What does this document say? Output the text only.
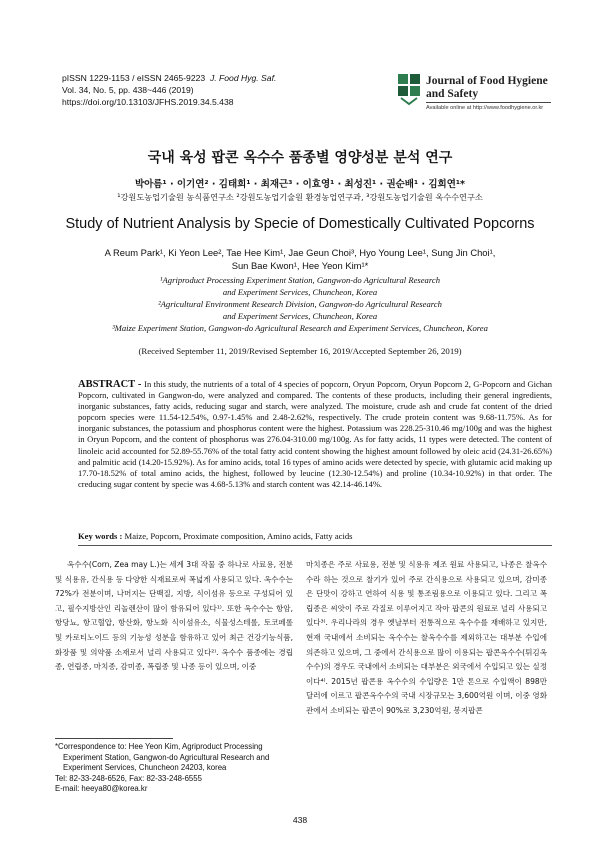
pISSN 1229-1153 / eISSN 2465-9223 J. Food Hyg. Saf.
Vol. 34, No. 5, pp. 438~446 (2019)
https://doi.org/10.13103/JFHS.2019.34.5.438
Journal of Food Hygiene
and Safety
Available online at http://www.foodhygiene.or.kr
국내 육성 팝콘 옥수수 품종별 영양성분 분석 연구
박아름¹ · 이기연² · 김태희¹ · 최재근³ · 이효영¹ · 최성진¹ · 권순배¹ · 김희연¹*
¹강원도농업기술원 농식품연구소 ²강원도농업기술원 환경농업연구과, ³강원도농업기술원 옥수수연구소
Study of Nutrient Analysis by Specie of Domestically Cultivated Popcorns
A Reum Park¹, Ki Yeon Lee², Tae Hee Kim¹, Jae Geun Choi³, Hyo Young Lee¹, Sung Jin Choi¹,
Sun Bae Kwon¹, Hee Yeon Kim¹*
¹Agriproduct Processing Experiment Station, Gangwon-do Agricultural Research
and Experiment Services, Chuncheon, Korea
²Agricultural Environment Research Division, Gangwon-do Agricultural Research
and Experiment Services, Chuncheon, Korea
³Maize Experiment Station, Gangwon-do Agricultural Research and Experiment Services, Chuncheon, Korea
(Received September 11, 2019/Revised September 16, 2019/Accepted September 26, 2019)
ABSTRACT - In this study, the nutrients of a total of 4 species of popcorn, Oryun Popcorn, Oryun Popcorn 2, G-Popcorn and Gichan Popcorn, cultivated in Gangwon-do, were analyzed and compared. The contents of these products, including their general ingredients, inorganic substances, fatty acids, reducing sugar and starch, were analyzed. The moisture, crude ash and crude fat content of the dried popcorn species were 11.54-12.54%, 0.97-1.45% and 2.48-2.62%, respectively. The crude protein content was 9.68-11.75%. As for inorganic substances, the potassium and phosphorus content were the highest. Potassium was 228.25-310.46 mg/100g and was the highest in Oryun Popcorn, and the content of phosphorus was 276.04-310.00 mg/100g. As for fatty acids, 11 types were detected. The content of linoleic acid accounted for 52.89-55.76% of the total fatty acid content showing the highest amount followed by oleic acid (24.31-26.65%) and palmitic acid (14.20-15.92%). As for amino acids, total 16 types of amino acids were detected by specie, with glutamic acid making up 17.70-18.52% of total amino acids, the highest, followed by leucine (12.30-12.54%) and proline (10.34-10.92%) in that order. The creducing sugar content by specie was 4.68-5.13% and starch content was 42.14-46.14%.
Key words : Maize, Popcorn, Proximate composition, Amino acids, Fatty acids
옥수수(Corn, Zea may L.)는 세계 3대 작물 중 하나로 사료용, 전분 및 식용유, 간식용 등 다양한 식재료로써 폭넓게 사용되고 있다. 옥수수는 72%가 전분이며, 나머지는 단백질, 지방, 식이섬유 등으로 구성되어 있고, 필수지방산인 리놀렌산이 많이 함유되어 있다¹⁾. 또한 옥수수는 항암, 항당뇨, 항고혈압, 항산화, 항노화 식이섬유소, 식물성스테롤, 토코페롤 및 카로티노이드 등의 기능성 성분을 함유하고 있어 최근 건강기능식품, 화장품 및 의약품 소재로서 널리 사용되고 있다²⁾. 옥수수 품종에는 경립종, 연립종, 마치종, 감미종, 폭립종 및 나종 등이 있으며, 이중
마치종은 주로 사료용, 전분 및 식용유 제조 원료 사용되고, 나종은 찰옥수수라 하는 것으로 찰기가 있어 주로 간식용으로 사용되고 있으며, 감미종은 단맛이 강하고 연하여 식용 및 통조림용으로 이용되고 있다. 그리고 폭립종은 씨앗이 주로 각질로 이루어지고 작아 팝콘의 원료로 널리 사용되고 있다³⁾. 우리나라의 경우 옛날부터 전통적으로 옥수수를 재배하고 있지만, 현재 국내에서 소비되는 옥수수는 찰옥수수를 제외하고는 대부분 수입에 의존하고 있으며, 그 중에서 간식용으로 많이 이용되는 팝콘옥수수(튀김옥수수)의 경우도 국내에서 소비되는 대부분은 외국에서 수입되고 있는 실정이다⁴⁾. 2015년 팝콘용 옥수수의 수입량은 1만 톤으로 수입액이 898만 달러에 이르고 팝콘옥수수의 국내 시장규모는 3,600억원 이며, 이중 영화관에서 소비되는 팝콘이 90%로 3,230억원, 봉지팝콘
*Correspondence to: Hee Yeon Kim, Agriproduct Processing
Experiment Station, Gangwon-do Agricultural Research and
Experiment Services, Chuncheon 24203, korea
Tel: 82-33-248-6526, Fax: 82-33-248-6555
E-mail: heeya80@korea.kr
438
